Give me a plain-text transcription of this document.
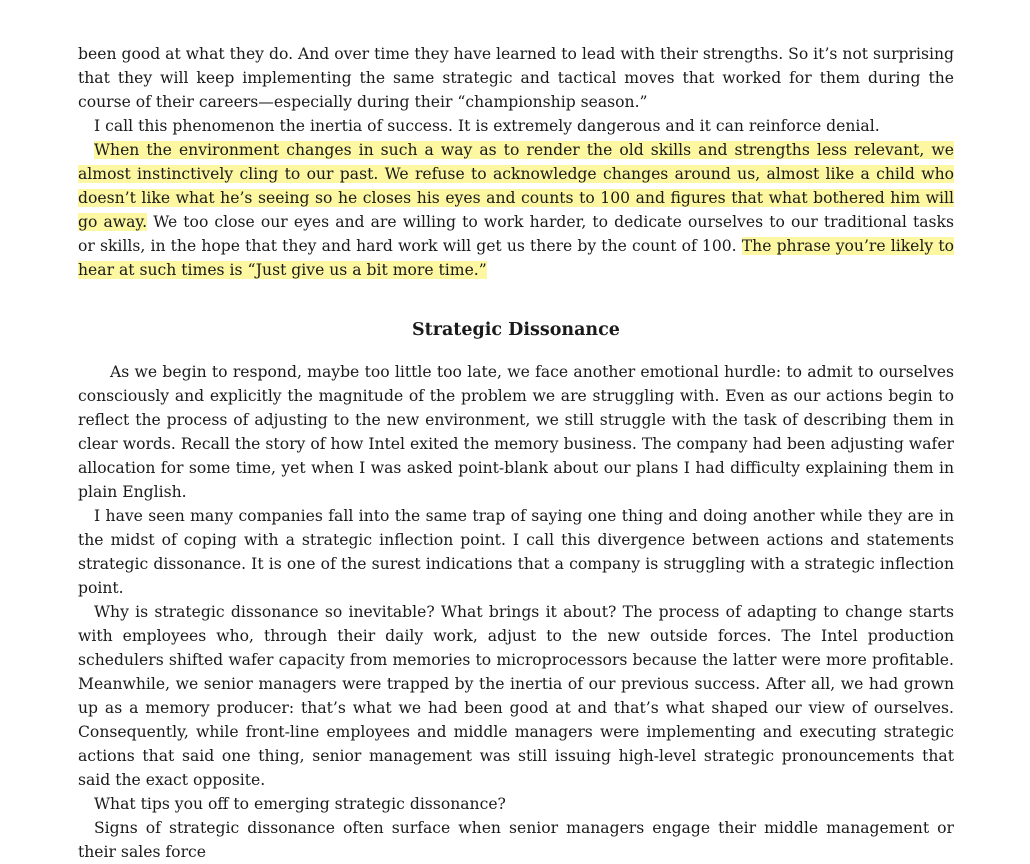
been good at what they do. And over time they have learned to lead with their strengths. So it’s not surprising that they will keep implementing the same strategic and tactical moves that worked for them during the course of their careers—especially during their “championship season.”

I call this phenomenon the inertia of success. It is extremely dangerous and it can reinforce denial.

When the environment changes in such a way as to render the old skills and strengths less relevant, we almost instinctively cling to our past. We refuse to acknowledge changes around us, almost like a child who doesn’t like what he’s seeing so he closes his eyes and counts to 100 and figures that what bothered him will go away. We too close our eyes and are willing to work harder, to dedicate ourselves to our traditional tasks or skills, in the hope that they and hard work will get us there by the count of 100. The phrase you’re likely to hear at such times is “Just give us a bit more time.”

Strategic Dissonance

As we begin to respond, maybe too little too late, we face another emotional hurdle: to admit to ourselves consciously and explicitly the magnitude of the problem we are struggling with. Even as our actions begin to reflect the process of adjusting to the new environment, we still struggle with the task of describing them in clear words. Recall the story of how Intel exited the memory business. The company had been adjusting wafer allocation for some time, yet when I was asked point-blank about our plans I had difficulty explaining them in plain English.

I have seen many companies fall into the same trap of saying one thing and doing another while they are in the midst of coping with a strategic inflection point. I call this divergence between actions and statements strategic dissonance. It is one of the surest indications that a company is struggling with a strategic inflection point.

Why is strategic dissonance so inevitable? What brings it about? The process of adapting to change starts with employees who, through their daily work, adjust to the new outside forces. The Intel production schedulers shifted wafer capacity from memories to microprocessors because the latter were more profitable. Meanwhile, we senior managers were trapped by the inertia of our previous success. After all, we had grown up as a memory producer: that’s what we had been good at and that’s what shaped our view of ourselves. Consequently, while front-line employees and middle managers were implementing and executing strategic actions that said one thing, senior management was still issuing high-level strategic pronouncements that said the exact opposite.

What tips you off to emerging strategic dissonance?

Signs of strategic dissonance often surface when senior managers engage their middle management or their sales force
